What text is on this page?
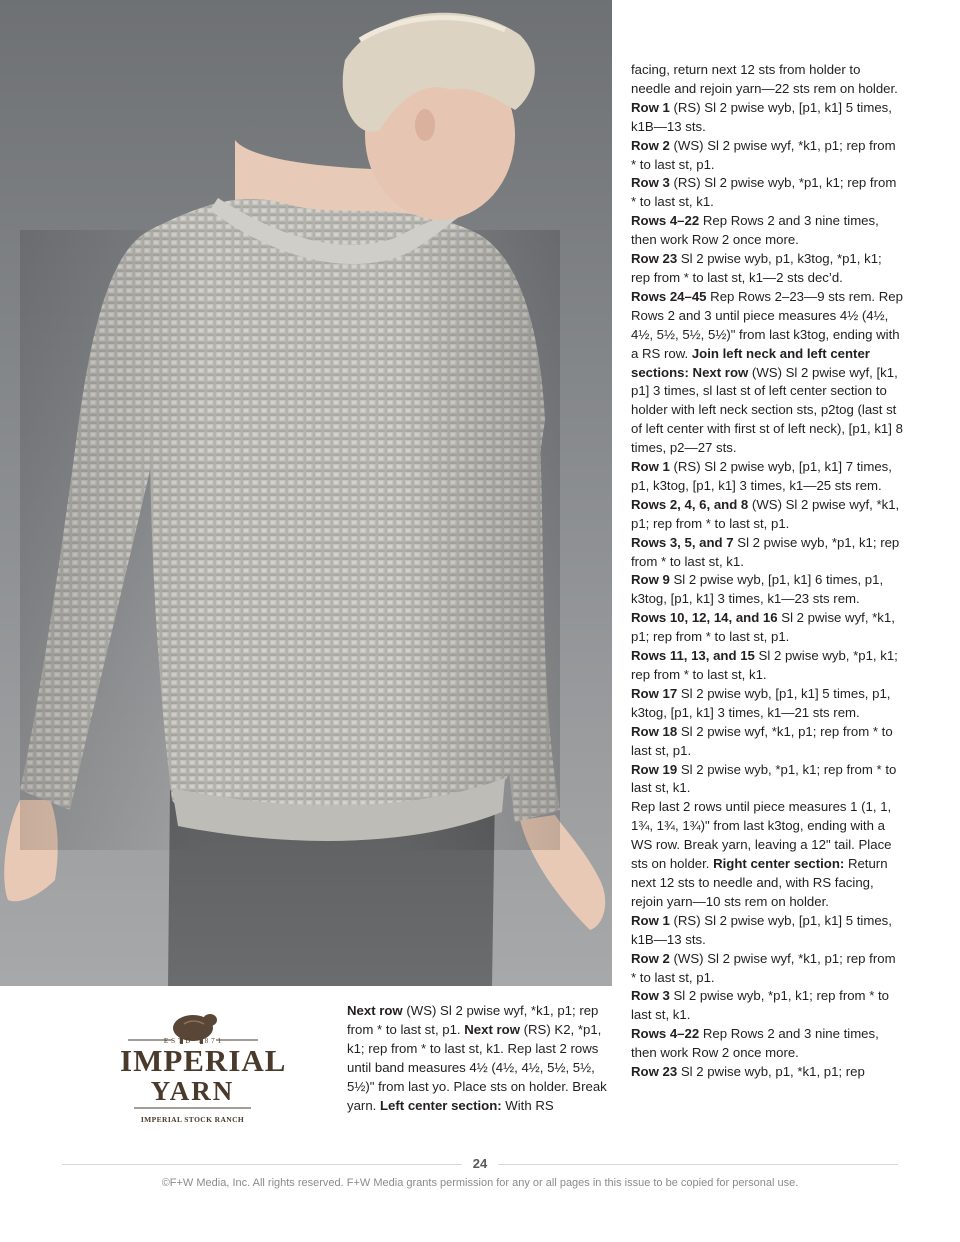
facing, return next 12 sts from holder to needle and rejoin yarn—22 sts rem on holder.

Row 1 (RS) Sl 2 pwise wyb, [p1, k1] 5 times, k1B—13 sts.

Row 2 (WS) Sl 2 pwise wyf, *k1, p1; rep from * to last st, p1.

Row 3 (RS) Sl 2 pwise wyb, *p1, k1; rep from * to last st, k1.

Rows 4–22 Rep Rows 2 and 3 nine times, then work Row 2 once more.

Row 23 Sl 2 pwise wyb, p1, k3tog, *p1, k1; rep from * to last st, k1—2 sts dec’d.

Rows 24–45 Rep Rows 2–23—9 sts rem. Rep Rows 2 and 3 until piece measures 4½ (4½, 4½, 5½, 5½, 5½)" from last k3tog, ending with a RS row. Join left neck and left center sections: Next row (WS) Sl 2 pwise wyf, [k1, p1] 3 times, sl last st of left center section to holder with left neck section sts, p2tog (last st of left center with first st of left neck), [p1, k1] 8 times, p2—27 sts.

Row 1 (RS) Sl 2 pwise wyb, [p1, k1] 7 times, p1, k3tog, [p1, k1] 3 times, k1—25 sts rem.

Rows 2, 4, 6, and 8 (WS) Sl 2 pwise wyf, *k1, p1; rep from * to last st, p1.

Rows 3, 5, and 7 Sl 2 pwise wyb, *p1, k1; rep from * to last st, k1.

Row 9 Sl 2 pwise wyb, [p1, k1] 6 times, p1, k3tog, [p1, k1] 3 times, k1—23 sts rem.

Rows 10, 12, 14, and 16 Sl 2 pwise wyf, *k1, p1; rep from * to last st, p1.

Rows 11, 13, and 15 Sl 2 pwise wyb, *p1, k1; rep from * to last st, k1.

Row 17 Sl 2 pwise wyb, [p1, k1] 5 times, p1, k3tog, [p1, k1] 3 times, k1—21 sts rem.

Row 18 Sl 2 pwise wyf, *k1, p1; rep from * to last st, p1.

Row 19 Sl 2 pwise wyb, *p1, k1; rep from * to last st, k1.

Rep last 2 rows until piece measures 1 (1, 1, 1¾, 1¾, 1¾)" from last k3tog, ending with a WS row. Break yarn, leaving a 12" tail. Place sts on holder. Right center section: Return next 12 sts to needle and, with RS facing, rejoin yarn—10 sts rem on holder.

Row 1 (RS) Sl 2 pwise wyb, [p1, k1] 5 times, k1B—13 sts.

Row 2 (WS) Sl 2 pwise wyf, *k1, p1; rep from * to last st, p1.

Row 3 Sl 2 pwise wyb, *p1, k1; rep from * to last st, k1.

Rows 4–22 Rep Rows 2 and 3 nine times, then work Row 2 once more.

Row 23 Sl 2 pwise wyb, p1, *k1, p1; rep

Next row (WS) Sl 2 pwise wyf, *k1, p1; rep from * to last st, p1. Next row (RS) K2, *p1, k1; rep from * to last st, k1. Rep last 2 rows until band measures 4½ (4½, 4½, 5½, 5½, 5½)" from last yo. Place sts on holder. Break yarn. Left center section: With RS

ESTD 1871
IMPERIAL
YARN
IMPERIAL STOCK RANCH
24
©F+W Media, Inc. All rights reserved. F+W Media grants permission for any or all pages in this issue to be copied for personal use.
